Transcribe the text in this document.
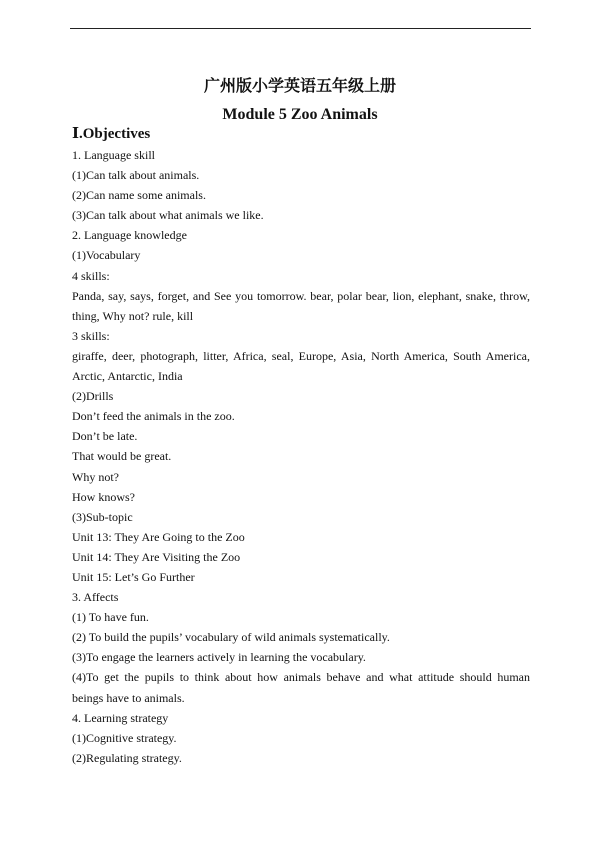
广州版小学英语五年级上册
Module 5 Zoo Animals
Ⅰ.Objectives
1. Language skill
(1)Can talk about animals.
(2)Can name some animals.
(3)Can talk about what animals we like.
2. Language knowledge
(1)Vocabulary
4 skills:
Panda, say, says, forget, and See you tomorrow. bear, polar bear, lion, elephant, snake, throw,
thing, Why not? rule, kill
3 skills:
giraffe, deer, photograph, litter, Africa, seal, Europe, Asia, North America, South America,
Arctic, Antarctic, India
(2)Drills
Don’t feed the animals in the zoo.
Don’t be late.
That would be great.
Why not?
How knows?
(3)Sub-topic
Unit 13: They Are Going to the Zoo
Unit 14: They Are Visiting the Zoo
Unit 15: Let’s Go Further
3. Affects
(1) To have fun.
(2) To build the pupils’ vocabulary of wild animals systematically.
(3)To engage the learners actively in learning the vocabulary.
(4)To get the pupils to think about how animals behave and what attitude should human
beings have to animals.
4. Learning strategy
(1)Cognitive strategy.
(2)Regulating strategy.
